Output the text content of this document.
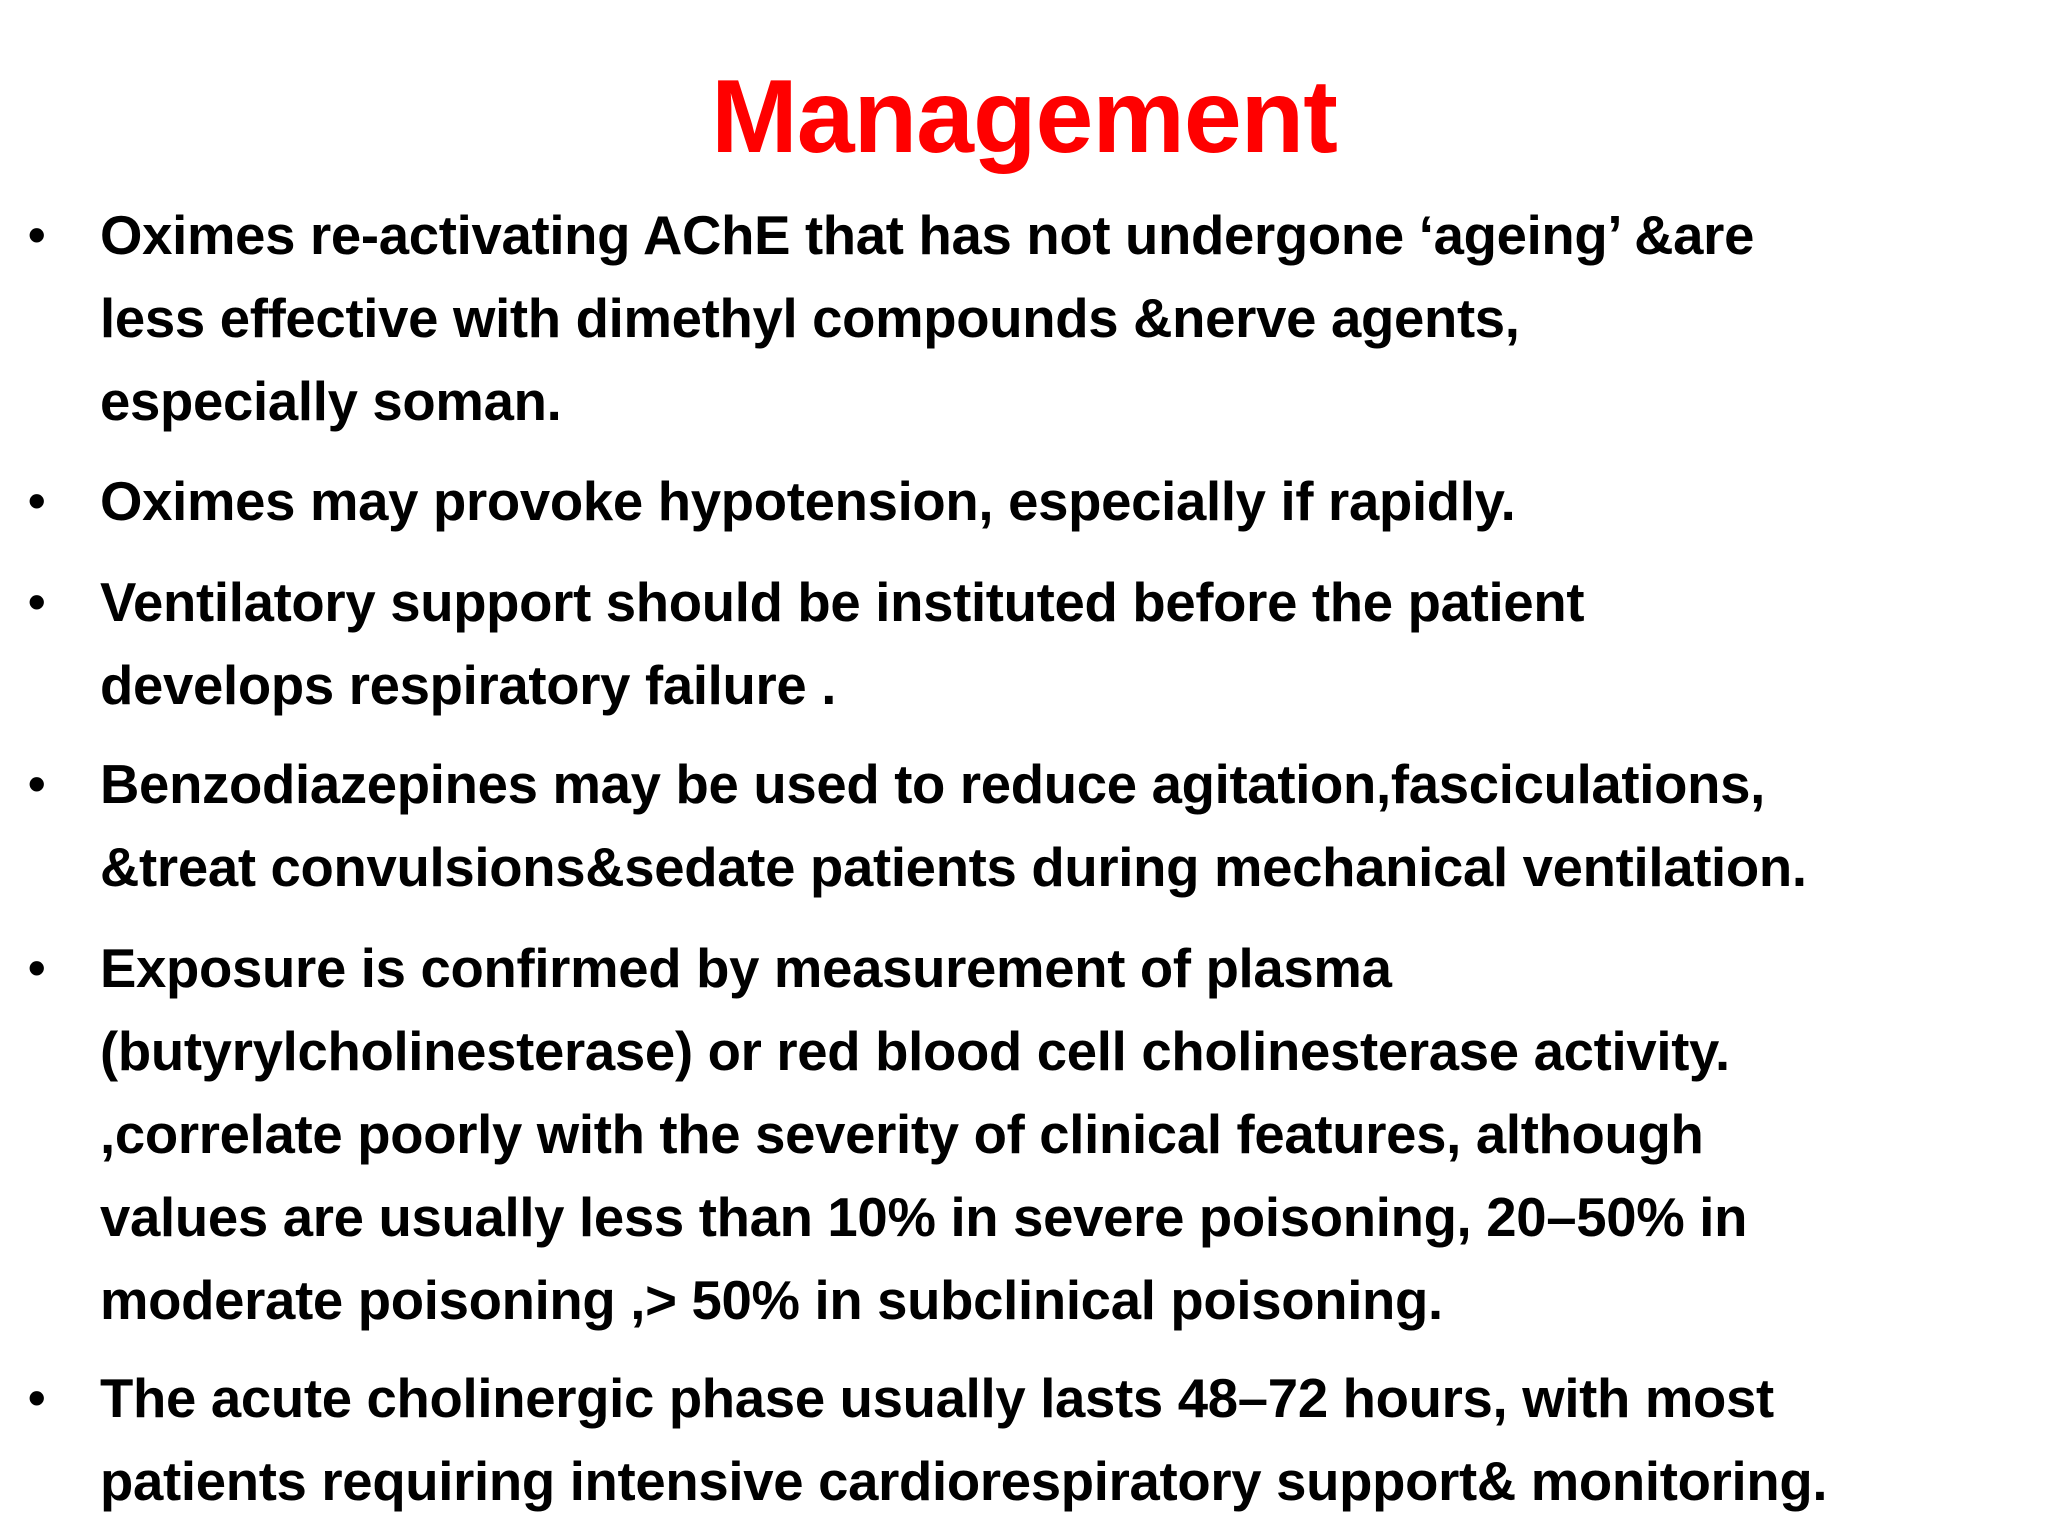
Management
• Oximes re-activating AChE that has not undergone ‘ageing’ &are
less effective with dimethyl compounds &nerve agents,
especially soman.
• Oximes may provoke hypotension, especially if rapidly.
• Ventilatory support should be instituted before the patient
develops respiratory failure .
• Benzodiazepines may be used to reduce agitation,fasciculations,
&treat convulsions&sedate patients during mechanical ventilation.
• Exposure is confirmed by measurement of plasma
(butyrylcholinesterase) or red blood cell cholinesterase activity.
,correlate poorly with the severity of clinical features, although
values are usually less than 10% in severe poisoning, 20–50% in
moderate poisoning ,> 50% in subclinical poisoning.
• The acute cholinergic phase usually lasts 48–72 hours, with most
patients requiring intensive cardiorespiratory support& monitoring.
